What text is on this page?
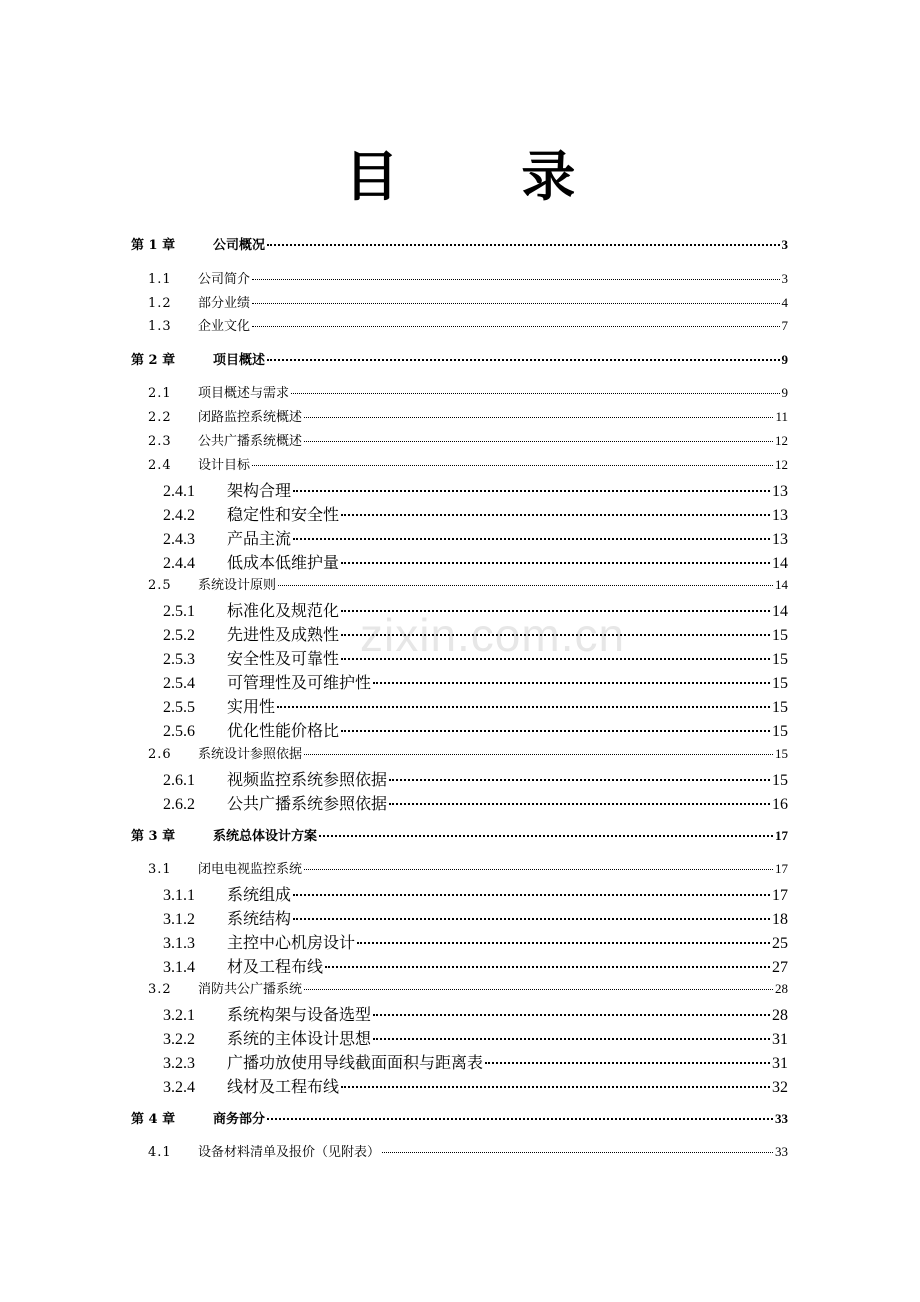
目 录
第 1 章	公司概况	3
1.1	公司简介	3
1.2	部分业绩	4
1.3	企业文化	7
第 2 章	项目概述	9
2.1	项目概述与需求	9
2.2	闭路监控系统概述	11
2.3	公共广播系统概述	12
2.4	设计目标	12
2.4.1	架构合理	13
2.4.2	稳定性和安全性	13
2.4.3	产品主流	13
2.4.4	低成本低维护量	14
2.5	系统设计原则	14
2.5.1	标准化及规范化	14
2.5.2	先进性及成熟性	15
2.5.3	安全性及可靠性	15
2.5.4	可管理性及可维护性	15
2.5.5	实用性	15
2.5.6	优化性能价格比	15
2.6	系统设计参照依据	15
2.6.1	视频监控系统参照依据	15
2.6.2	公共广播系统参照依据	16
第 3 章	系统总体设计方案	17
3.1	闭电电视监控系统	17
3.1.1	系统组成	17
3.1.2	系统结构	18
3.1.3	主控中心机房设计	25
3.1.4	材及工程布线	27
3.2	消防共公广播系统	28
3.2.1	系统构架与设备选型	28
3.2.2	系统的主体设计思想	31
3.2.3	广播功放使用导线截面面积与距离表	31
3.2.4	线材及工程布线	32
第 4 章	商务部分	33
4.1	设备材料清单及报价（见附表）	33
zixin.com.cn
